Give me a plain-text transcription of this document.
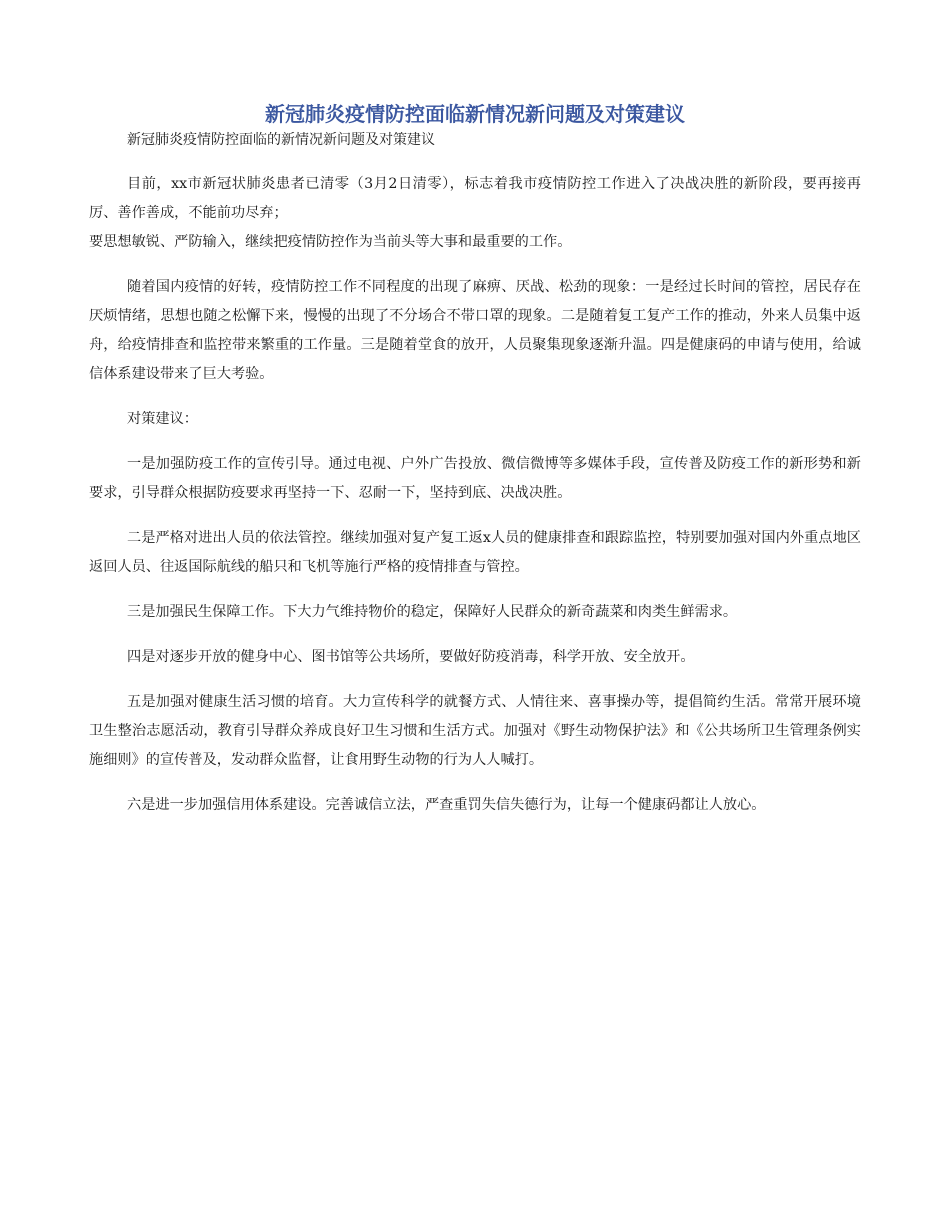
新冠肺炎疫情防控面临新情况新问题及对策建议

新冠肺炎疫情防控面临的新情况新问题及对策建议

目前，xx市新冠状肺炎患者已清零（3月2日清零），标志着我市疫情防控工作进入了决战决胜的新阶段，要再接再厉、善作善成，不能前功尽弃；

要思想敏锐、严防输入，继续把疫情防控作为当前头等大事和最重要的工作。

随着国内疫情的好转，疫情防控工作不同程度的出现了麻痹、厌战、松劲的现象：一是经过长时间的管控，居民存在厌烦情绪，思想也随之松懈下来，慢慢的出现了不分场合不带口罩的现象。二是随着复工复产工作的推动，外来人员集中返舟，给疫情排查和监控带来繁重的工作量。三是随着堂食的放开，人员聚集现象逐渐升温。四是健康码的申请与使用，给诚信体系建设带来了巨大考验。

对策建议：

一是加强防疫工作的宣传引导。通过电视、户外广告投放、微信微博等多媒体手段，宣传普及防疫工作的新形势和新要求，引导群众根据防疫要求再坚持一下、忍耐一下，坚持到底、决战决胜。

二是严格对进出人员的依法管控。继续加强对复产复工返x人员的健康排查和跟踪监控，特别要加强对国内外重点地区返回人员、往返国际航线的船只和飞机等施行严格的疫情排查与管控。

三是加强民生保障工作。下大力气维持物价的稳定，保障好人民群众的新奇蔬菜和肉类生鲜需求。

四是对逐步开放的健身中心、图书馆等公共场所，要做好防疫消毒，科学开放、安全放开。

五是加强对健康生活习惯的培育。大力宣传科学的就餐方式、人情往来、喜事操办等，提倡简约生活。常常开展环境卫生整治志愿活动，教育引导群众养成良好卫生习惯和生活方式。加强对《野生动物保护法》和《公共场所卫生管理条例实施细则》的宣传普及，发动群众监督，让食用野生动物的行为人人喊打。

六是进一步加强信用体系建设。完善诚信立法，严查重罚失信失德行为，让每一个健康码都让人放心。
